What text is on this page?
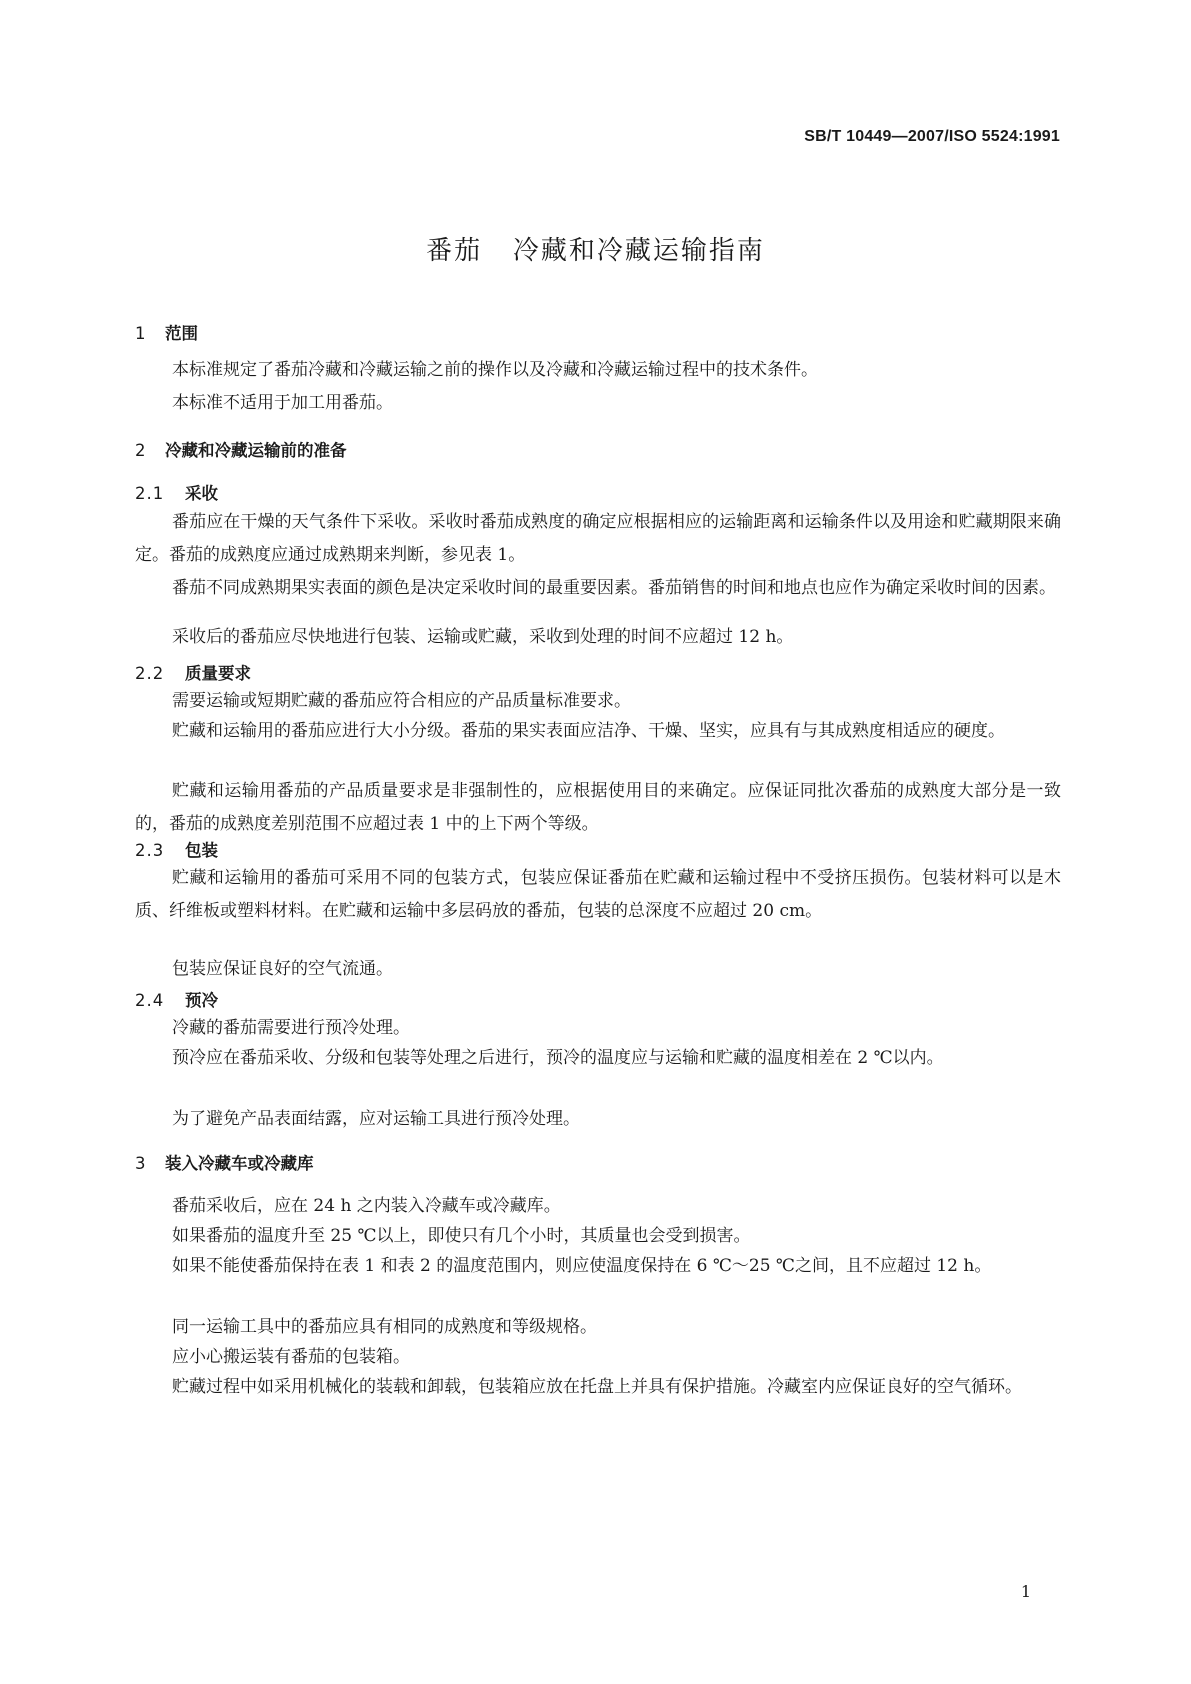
SB/T 10449—2007/ISO 5524:1991
番茄   冷藏和冷藏运输指南
1 范围

本标准规定了番茄冷藏和冷藏运输之前的操作以及冷藏和冷藏运输过程中的技术条件。

本标准不适用于加工用番茄。

2 冷藏和冷藏运输前的准备
2.1 采收

番茄应在干燥的天气条件下采收。采收时番茄成熟度的确定应根据相应的运输距离和运输条件以及用途和贮藏期限来确定。番茄的成熟度应通过成熟期来判断，参见表 1。

番茄不同成熟期果实表面的颜色是决定采收时间的最重要因素。番茄销售的时间和地点也应作为确定采收时间的因素。

采收后的番茄应尽快地进行包装、运输或贮藏，采收到处理的时间不应超过 12 h。

2.2 质量要求

需要运输或短期贮藏的番茄应符合相应的产品质量标准要求。

贮藏和运输用的番茄应进行大小分级。番茄的果实表面应洁净、干燥、坚实，应具有与其成熟度相适应的硬度。

贮藏和运输用番茄的产品质量要求是非强制性的，应根据使用目的来确定。应保证同批次番茄的成熟度大部分是一致的，番茄的成熟度差别范围不应超过表 1 中的上下两个等级。

2.3 包装

贮藏和运输用的番茄可采用不同的包装方式，包装应保证番茄在贮藏和运输过程中不受挤压损伤。包装材料可以是木质、纤维板或塑料材料。在贮藏和运输中多层码放的番茄，包装的总深度不应超过 20 cm。

包装应保证良好的空气流通。

2.4 预冷

冷藏的番茄需要进行预冷处理。

预冷应在番茄采收、分级和包装等处理之后进行，预冷的温度应与运输和贮藏的温度相差在 2 ℃以内。

为了避免产品表面结露，应对运输工具进行预冷处理。

3 装入冷藏车或冷藏库

番茄采收后，应在 24 h 之内装入冷藏车或冷藏库。

如果番茄的温度升至 25 ℃以上，即使只有几个小时，其质量也会受到损害。

如果不能使番茄保持在表 1 和表 2 的温度范围内，则应使温度保持在 6 ℃～25 ℃之间，且不应超过 12 h。

同一运输工具中的番茄应具有相同的成熟度和等级规格。

应小心搬运装有番茄的包装箱。

贮藏过程中如采用机械化的装载和卸载，包装箱应放在托盘上并具有保护措施。冷藏室内应保证良好的空气循环。

1
